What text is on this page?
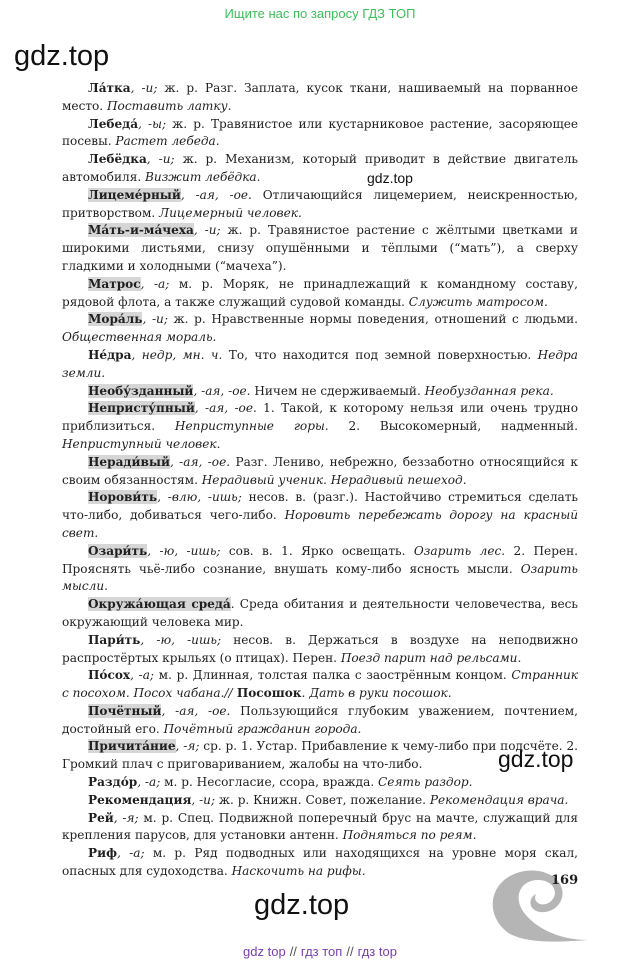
Ищите нас по запросу ГДЗ ТОП
gdz.top
gdz.top
gdz.top
gdz.top

Ла́тка, -и; ж. р. Разг. Заплата, кусок ткани, нашиваемый на порванное место. Поставить латку.

Лебеда́, -ы; ж. р. Травянистое или кустарниковое растение, засоряющее посевы. Растет лебеда.

Лебёдка, -и; ж. р. Механизм, который приводит в действие двигатель автомобиля. Визжит лебёдка.

Лицеме́рный, -ая, -ое. Отличающийся лицемерием, неискренностью, притворством. Лицемерный человек.

Ма́ть-и-ма́чеха, -и; ж. р. Травянистое растение с жёлтыми цветками и широкими листьями, снизу опушёнными и тёплыми (“мать”), а сверху гладкими и холодными (“мачеха”).

Матрос, -а; м. р. Моряк, не принадлежащий к командному составу, рядовой флота, а также служащий судовой команды. Служить матросом.

Мора́ль, -и; ж. р. Нравственные нормы поведения, отношений с людьми. Общественная мораль.

Не́дра, недр, мн. ч. То, что находится под земной поверхностью. Недра земли.

Необу́зданный, -ая, -ое. Ничем не сдерживаемый. Необузданная река.

Непристу́пный, -ая, -ое. 1. Такой, к которому нельзя или очень трудно приблизиться. Неприступные горы. 2. Высокомерный, надменный. Неприступный человек.

Неради́вый, -ая, -ое. Разг. Лениво, небрежно, беззаботно относящийся к своим обязанностям. Нерадивый ученик. Нерадивый пешеход.

Норови́ть, -влю, -ишь; несов. в. (разг.). Настойчиво стремиться сделать что-либо, добиваться чего-либо. Норовить перебежать дорогу на красный свет.

Озари́ть, -ю, -ишь; сов. в. 1. Ярко освещать. Озарить лес. 2. Перен. Прояснять чьё-либо сознание, внушать кому-либо ясность мысли. Озарить мысли.

Окружа́ющая среда́. Среда обитания и деятельности человечества, весь окружающий человека мир.

Пари́ть, -ю, -ишь; несов. в. Держаться в воздухе на неподвижно распростёртых крыльях (о птицах). Перен. Поезд парит над рельсами.

По́сох, -а; м. р. Длинная, толстая палка с заострённым концом. Странник с посохом. Посох чабана.// Посошок. Дать в руки посошок.

Почётный, -ая, -ое. Пользующийся глубоким уважением, почтением, достойный его. Почётный гражданин города.

Причита́ние, -я; ср. р. 1. Устар. Прибавление к чему-либо при подсчёте. 2. Громкий плач с приговариванием, жалобы на что-либо.

Раздо́р, -а; м. р. Несогласие, ссора, вражда. Сеять раздор.

Рекомендация, -и; ж. р. Книжн. Совет, пожелание. Рекомендация врача.

Рей, -я; м. р. Спец. Подвижной поперечный брус на мачте, служащий для крепления парусов, для установки антенн. Подняться по реям.

Риф, -а; м. р. Ряд подводных или находящихся на уровне моря скал, опасных для судоходства. Наскочить на рифы.

169
gdz top // гдз топ // гдз top
